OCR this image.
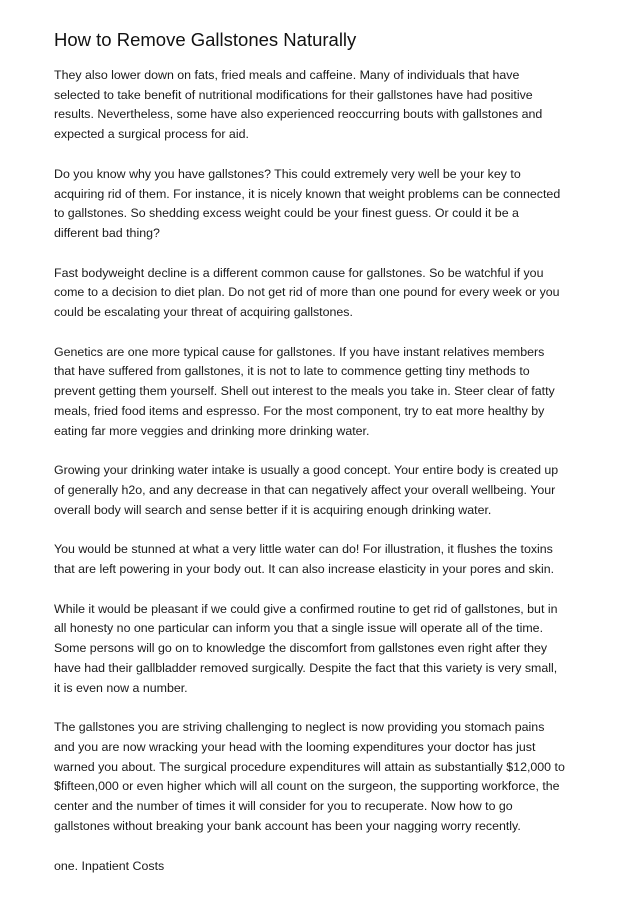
How to Remove Gallstones Naturally

They also lower down on fats, fried meals and caffeine. Many of individuals that have
selected to take benefit of nutritional modifications for their gallstones have had positive
results. Nevertheless, some have also experienced reoccurring bouts with gallstones and
expected a surgical process for aid.

Do you know why you have gallstones? This could extremely very well be your key to
acquiring rid of them. For instance, it is nicely known that weight problems can be connected
to gallstones. So shedding excess weight could be your finest guess. Or could it be a
different bad thing?

Fast bodyweight decline is a different common cause for gallstones. So be watchful if you
come to a decision to diet plan. Do not get rid of more than one pound for every week or you
could be escalating your threat of acquiring gallstones.

Genetics are one more typical cause for gallstones. If you have instant relatives members
that have suffered from gallstones, it is not to late to commence getting tiny methods to
prevent getting them yourself. Shell out interest to the meals you take in. Steer clear of fatty
meals, fried food items and espresso. For the most component, try to eat more healthy by
eating far more veggies and drinking more drinking water.

Growing your drinking water intake is usually a good concept. Your entire body is created up
of generally h2o, and any decrease in that can negatively affect your overall wellbeing. Your
overall body will search and sense better if it is acquiring enough drinking water.

You would be stunned at what a very little water can do! For illustration, it flushes the toxins
that are left powering in your body out. It can also increase elasticity in your pores and skin.

While it would be pleasant if we could give a confirmed routine to get rid of gallstones, but in
all honesty no one particular can inform you that a single issue will operate all of the time.
Some persons will go on to knowledge the discomfort from gallstones even right after they
have had their gallbladder removed surgically. Despite the fact that this variety is very small,
it is even now a number.

The gallstones you are striving challenging to neglect is now providing you stomach pains
and you are now wracking your head with the looming expenditures your doctor has just
warned you about. The surgical procedure expenditures will attain as substantially $12,000 to
$fifteen,000 or even higher which will all count on the surgeon, the supporting workforce, the
center and the number of times it will consider for you to recuperate. Now how to go
gallstones without breaking your bank account has been your nagging worry recently.

one. Inpatient Costs
